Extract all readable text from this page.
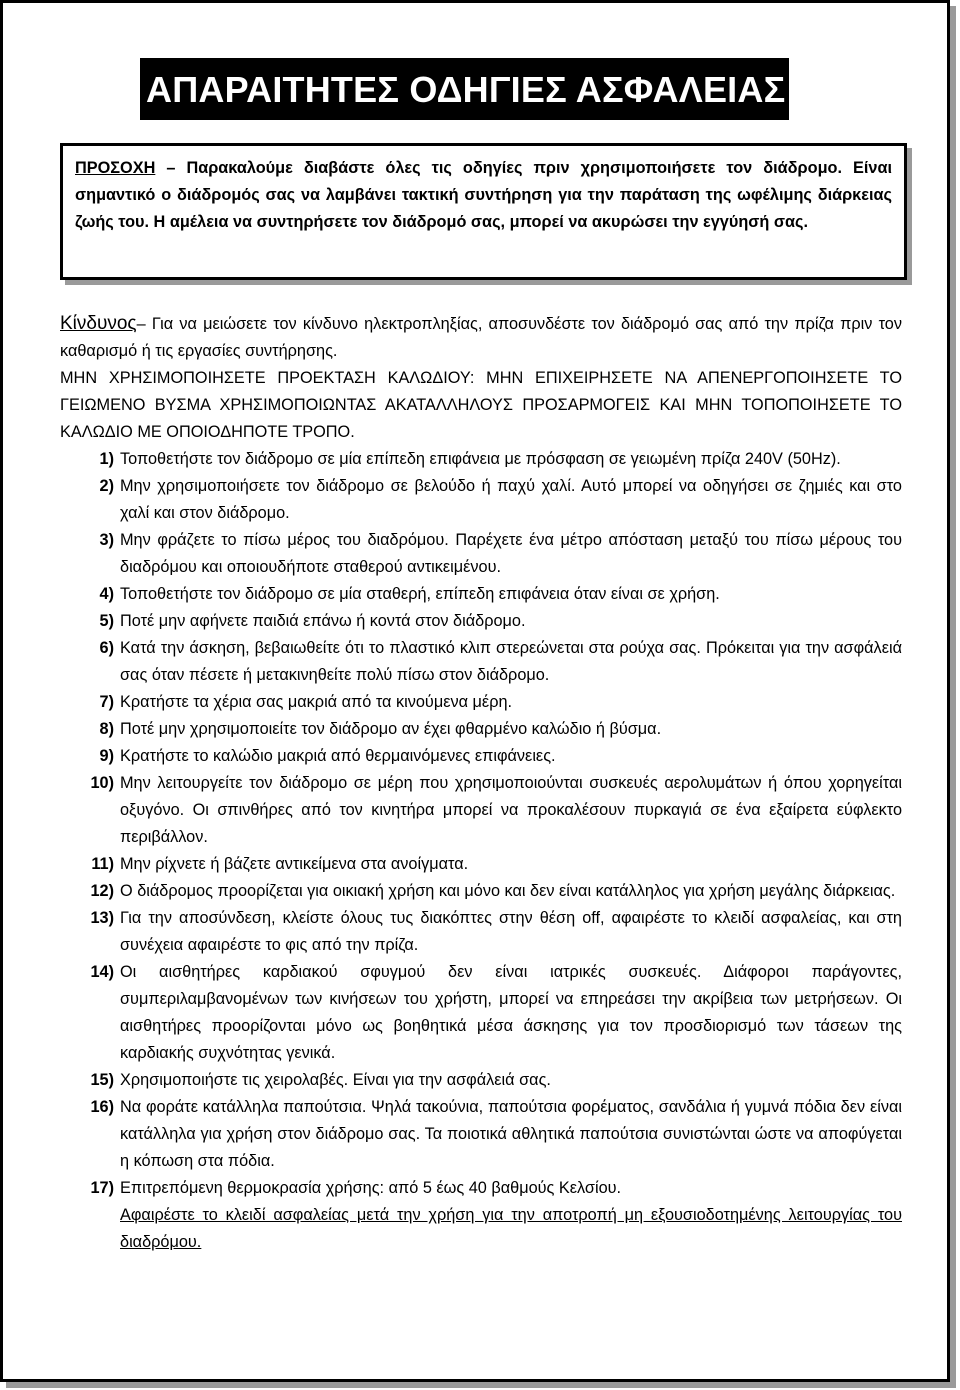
ΑΠΑΡΑΙΤΗΤΕΣ ΟΔΗΓΙΕΣ ΑΣΦΑΛΕΙΑΣ
ΠΡΟΣΟΧΗ – Παρακαλούμε διαβάστε όλες τις οδηγίες πριν χρησιμοποιήσετε τον διάδρομο. Είναι σημαντικό ο διάδρομός σας να λαμβάνει τακτική συντήρηση για την παράταση της ωφέλιμης διάρκειας ζωής του. Η αμέλεια να συντηρήσετε τον διάδρομό σας, μπορεί να ακυρώσει την εγγύησή σας.

Κίνδυνος– Για να μειώσετε τον κίνδυνο ηλεκτροπληξίας, αποσυνδέστε τον διάδρομό σας από την πρίζα πριν τον καθαρισμό ή τις εργασίες συντήρησης.

ΜΗΝ ΧΡΗΣΙΜΟΠΟΙΗΣΕΤΕ ΠΡΟΕΚΤΑΣΗ ΚΑΛΩΔΙΟΥ: ΜΗΝ ΕΠΙΧΕΙΡΗΣΕΤΕ ΝΑ ΑΠΕΝΕΡΓΟΠΟΙΗΣΕΤΕ ΤΟ ΓΕΙΩΜΕΝΟ ΒΥΣΜΑ ΧΡΗΣΙΜΟΠΟΙΩΝΤΑΣ ΑΚΑΤΑΛΛΗΛΟΥΣ ΠΡΟΣΑΡΜΟΓΕΙΣ ΚΑΙ ΜΗΝ ΤΟΠΟΠΟΙΗΣΕΤΕ ΤΟ ΚΑΛΩΔΙΟ ΜΕ ΟΠΟΙΟΔΗΠΟΤΕ ΤΡΟΠΟ.

1) Τοποθετήστε τον διάδρομο σε μία επίπεδη επιφάνεια με πρόσφαση σε γειωμένη πρίζα 240V (50Hz).
2) Μην χρησιμοποιήσετε τον διάδρομο σε βελούδο ή παχύ χαλί. Αυτό μπορεί να οδηγήσει σε ζημιές και στο χαλί και στον διάδρομο.
3) Μην φράζετε το πίσω μέρος του διαδρόμου. Παρέχετε ένα μέτρο απόσταση μεταξύ του πίσω μέρους του διαδρόμου και οποιουδήποτε σταθερού αντικειμένου.
4) Τοποθετήστε τον διάδρομο σε μία σταθερή, επίπεδη επιφάνεια όταν είναι σε χρήση.
5) Ποτέ μην αφήνετε παιδιά επάνω ή κοντά στον διάδρομο.
6) Κατά την άσκηση, βεβαιωθείτε ότι το πλαστικό κλιπ στερεώνεται στα ρούχα σας. Πρόκειται για την ασφάλειά σας όταν πέσετε ή μετακινηθείτε πολύ πίσω στον διάδρομο.
7) Κρατήστε τα χέρια σας μακριά από τα κινούμενα μέρη.
8) Ποτέ μην χρησιμοποιείτε τον διάδρομο αν έχει φθαρμένο καλώδιο ή βύσμα.
9) Κρατήστε το καλώδιο μακριά από θερμαινόμενες επιφάνειες.
10) Μην λειτουργείτε τον διάδρομο σε μέρη που χρησιμοποιούνται συσκευές αερολυμάτων ή όπου χορηγείται οξυγόνο. Οι σπινθήρες από τον κινητήρα μπορεί να προκαλέσουν πυρκαγιά σε ένα εξαίρετα εύφλεκτο περιβάλλον.
11) Μην ρίχνετε ή βάζετε αντικείμενα στα ανοίγματα.
12) Ο διάδρομος προορίζεται για οικιακή χρήση και μόνο και δεν είναι κατάλληλος για χρήση μεγάλης διάρκειας.
13) Για την αποσύνδεση, κλείστε όλους τυς διακόπτες στην θέση off, αφαιρέστε το κλειδί ασφαλείας, και στη συνέχεια αφαιρέστε το φις από την πρίζα.
14) Οι αισθητήρες καρδιακού σφυγμού δεν είναι ιατρικές συσκευές. Διάφοροι παράγοντες, συμπεριλαμβανομένων των κινήσεων του χρήστη, μπορεί να επηρεάσει την ακρίβεια των μετρήσεων. Οι αισθητήρες προορίζονται μόνο ως βοηθητικά μέσα άσκησης για τον προσδιορισμό των τάσεων της καρδιακής συχνότητας γενικά.
15) Χρησιμοποιήστε τις χειρολαβές. Είναι για την ασφάλειά σας.
16) Να φοράτε κατάλληλα παπούτσια. Ψηλά τακούνια, παπούτσια φορέματος, σανδάλια ή γυμνά πόδια δεν είναι κατάλληλα για χρήση στον διάδρομο σας. Τα ποιοτικά αθλητικά παπούτσια συνιστώνται ώστε να αποφύγεται η κόπωση στα πόδια.
17) Επιτρεπόμενη θερμοκρασία χρήσης: από 5 έως 40 βαθμούς Κελσίου.
Αφαιρέστε το κλειδί ασφαλείας μετά την χρήση για την αποτροπή μη εξουσιοδοτημένης λειτουργίας του διαδρόμου.
